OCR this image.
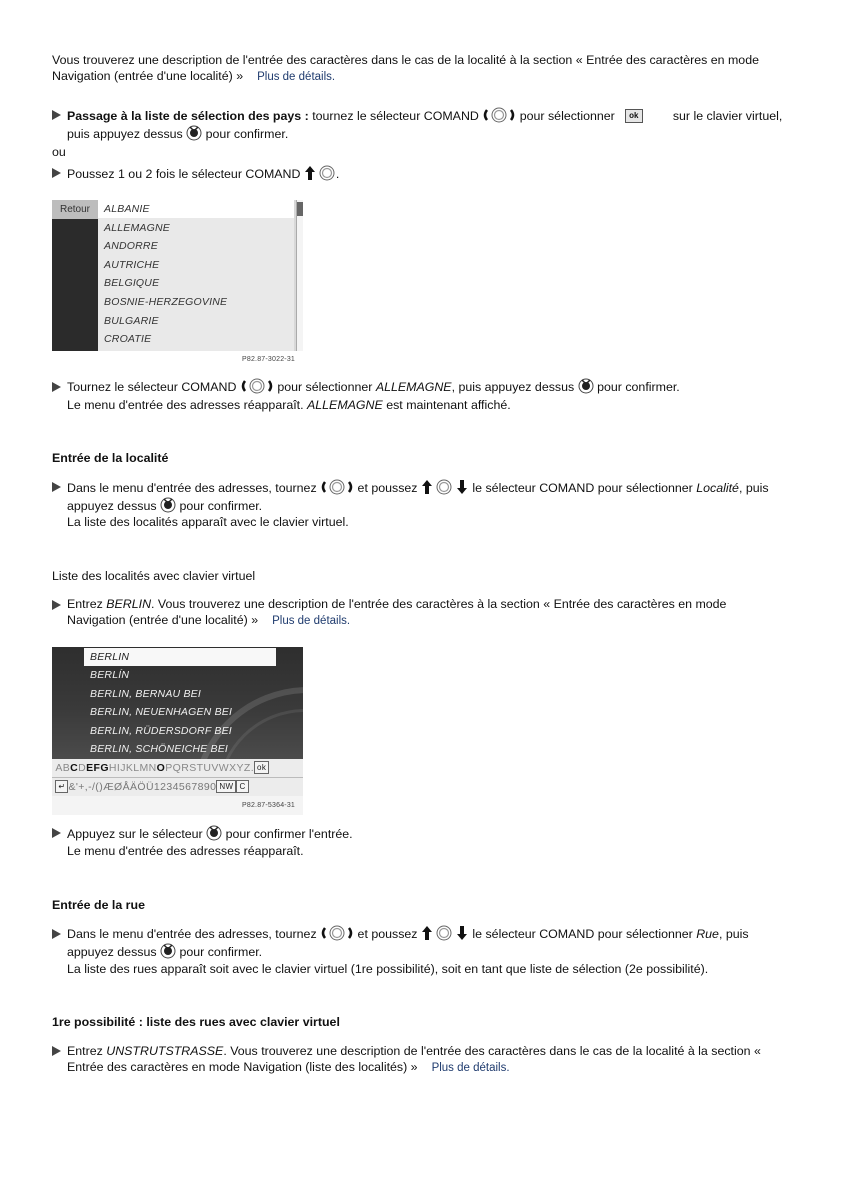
Vous trouverez une description de l'entrée des caractères dans le cas de la localité à la section « Entrée des caractères en mode
Navigation (entrée d'une localité) » Plus de détails.
Passage à la liste de sélection des pays : tournez le sélecteur COMAND	pour sélectionner ok	sur le clavier virtuel,
puis appuyez dessus pour confirmer.
ou
Poussez 1 ou 2 fois le sélecteur COMAND	.
Retour	ALBANIE
ALLEMAGNE
ANDORRE
AUTRICHE
BELGIQUE
BOSNIE-HERZEGOVINE
BULGARIE
CROATIE
P82.87-3022-31
Tournez le sélecteur COMAND	pour sélectionner ALLEMAGNE, puis appuyez dessus pour confirmer.
Le menu d'entrée des adresses réapparaît. ALLEMAGNE est maintenant affiché.
Entrée de la localité
Dans le menu d'entrée des adresses, tournez	et poussez	le sélecteur COMAND pour sélectionner Localité, puis
appuyez dessus pour confirmer.
La liste des localités apparaît avec le clavier virtuel.
Liste des localités avec clavier virtuel
Entrez BERLIN. Vous trouverez une description de l'entrée des caractères à la section « Entrée des caractères en mode
Navigation (entrée d'une localité) » Plus de détails.
BERLIN
BERLÍN
BERLIN, BERNAU BEI
BERLIN, NEUENHAGEN BEI
BERLIN, RÜDERSDORF BEI
BERLIN, SCHÖNEICHE BEI
ABCDEFGHIJKLMNOPQRSTUVWXYZ. ok
↵ &'+,-/()ÆØÅÄÖÜ1234567890 NW C
P82.87-5364-31
Appuyez sur le sélecteur pour confirmer l'entrée.
Le menu d'entrée des adresses réapparaît.
Entrée de la rue
Dans le menu d'entrée des adresses, tournez	et poussez	le sélecteur COMAND pour sélectionner Rue, puis
appuyez dessus pour confirmer.
La liste des rues apparaît soit avec le clavier virtuel (1re possibilité), soit en tant que liste de sélection (2e possibilité).
1re possibilité : liste des rues avec clavier virtuel
Entrez UNSTRUTSTRASSE. Vous trouverez une description de l'entrée des caractères dans le cas de la localité à la section «
Entrée des caractères en mode Navigation (liste des localités) » Plus de détails.
